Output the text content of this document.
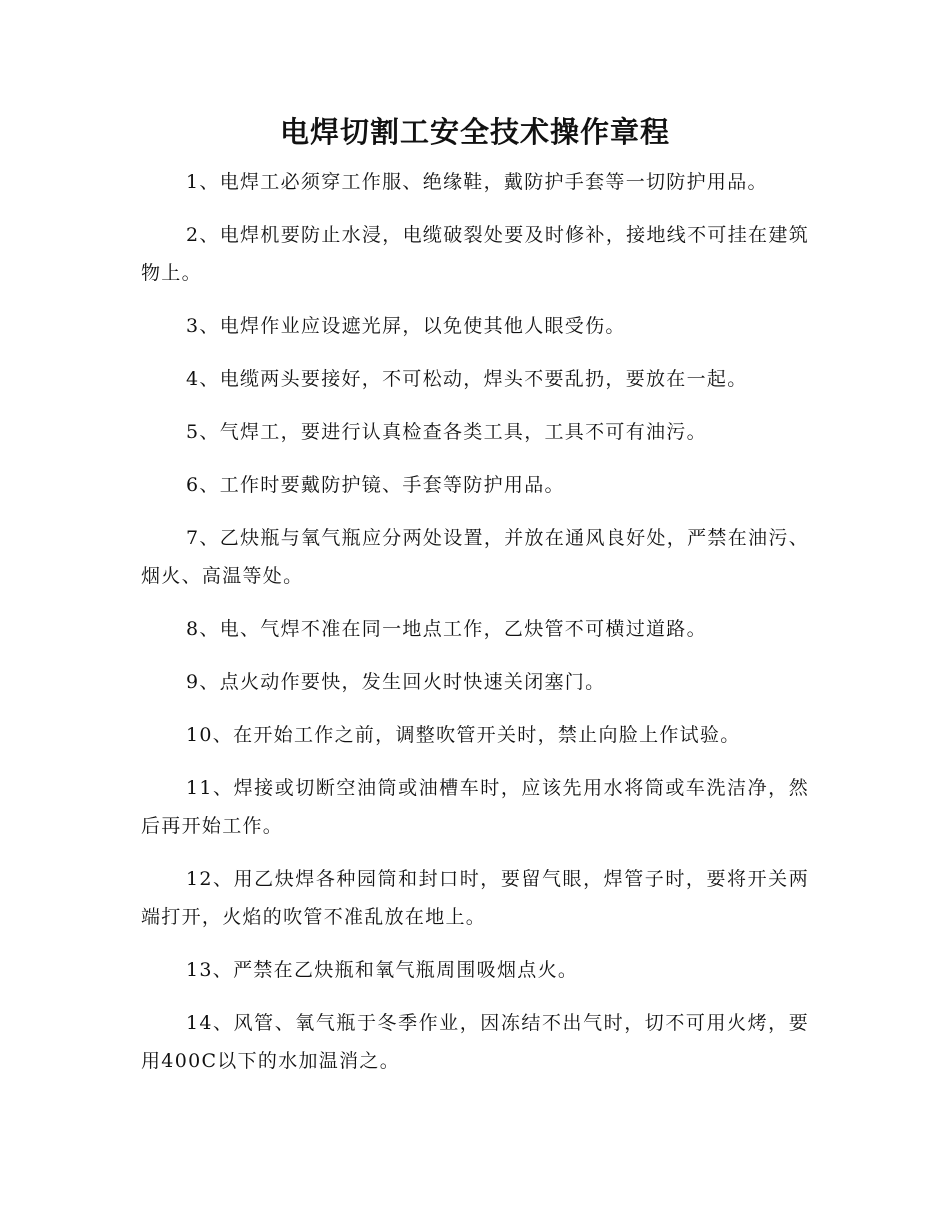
电焊切割工安全技术操作章程

1、电焊工必须穿工作服、绝缘鞋，戴防护手套等一切防护用品。

2、电焊机要防止水浸，电缆破裂处要及时修补，接地线不可挂在建筑物上。

3、电焊作业应设遮光屏，以免使其他人眼受伤。

4、电缆两头要接好，不可松动，焊头不要乱扔，要放在一起。

5、气焊工，要进行认真检查各类工具，工具不可有油污。

6、工作时要戴防护镜、手套等防护用品。

7、乙炔瓶与氧气瓶应分两处设置，并放在通风良好处，严禁在油污、烟火、高温等处。

8、电、气焊不准在同一地点工作，乙炔管不可横过道路。

9、点火动作要快，发生回火时快速关闭塞门。

10、在开始工作之前，调整吹管开关时，禁止向脸上作试验。

11、焊接或切断空油筒或油槽车时，应该先用水将筒或车洗洁净，然后再开始工作。

12、用乙炔焊各种园筒和封口时，要留气眼，焊管子时，要将开关两端打开，火焰的吹管不准乱放在地上。

13、严禁在乙炔瓶和氧气瓶周围吸烟点火。

14、风管、氧气瓶于冬季作业，因冻结不出气时，切不可用火烤，要用400C以下的水加温消之。
